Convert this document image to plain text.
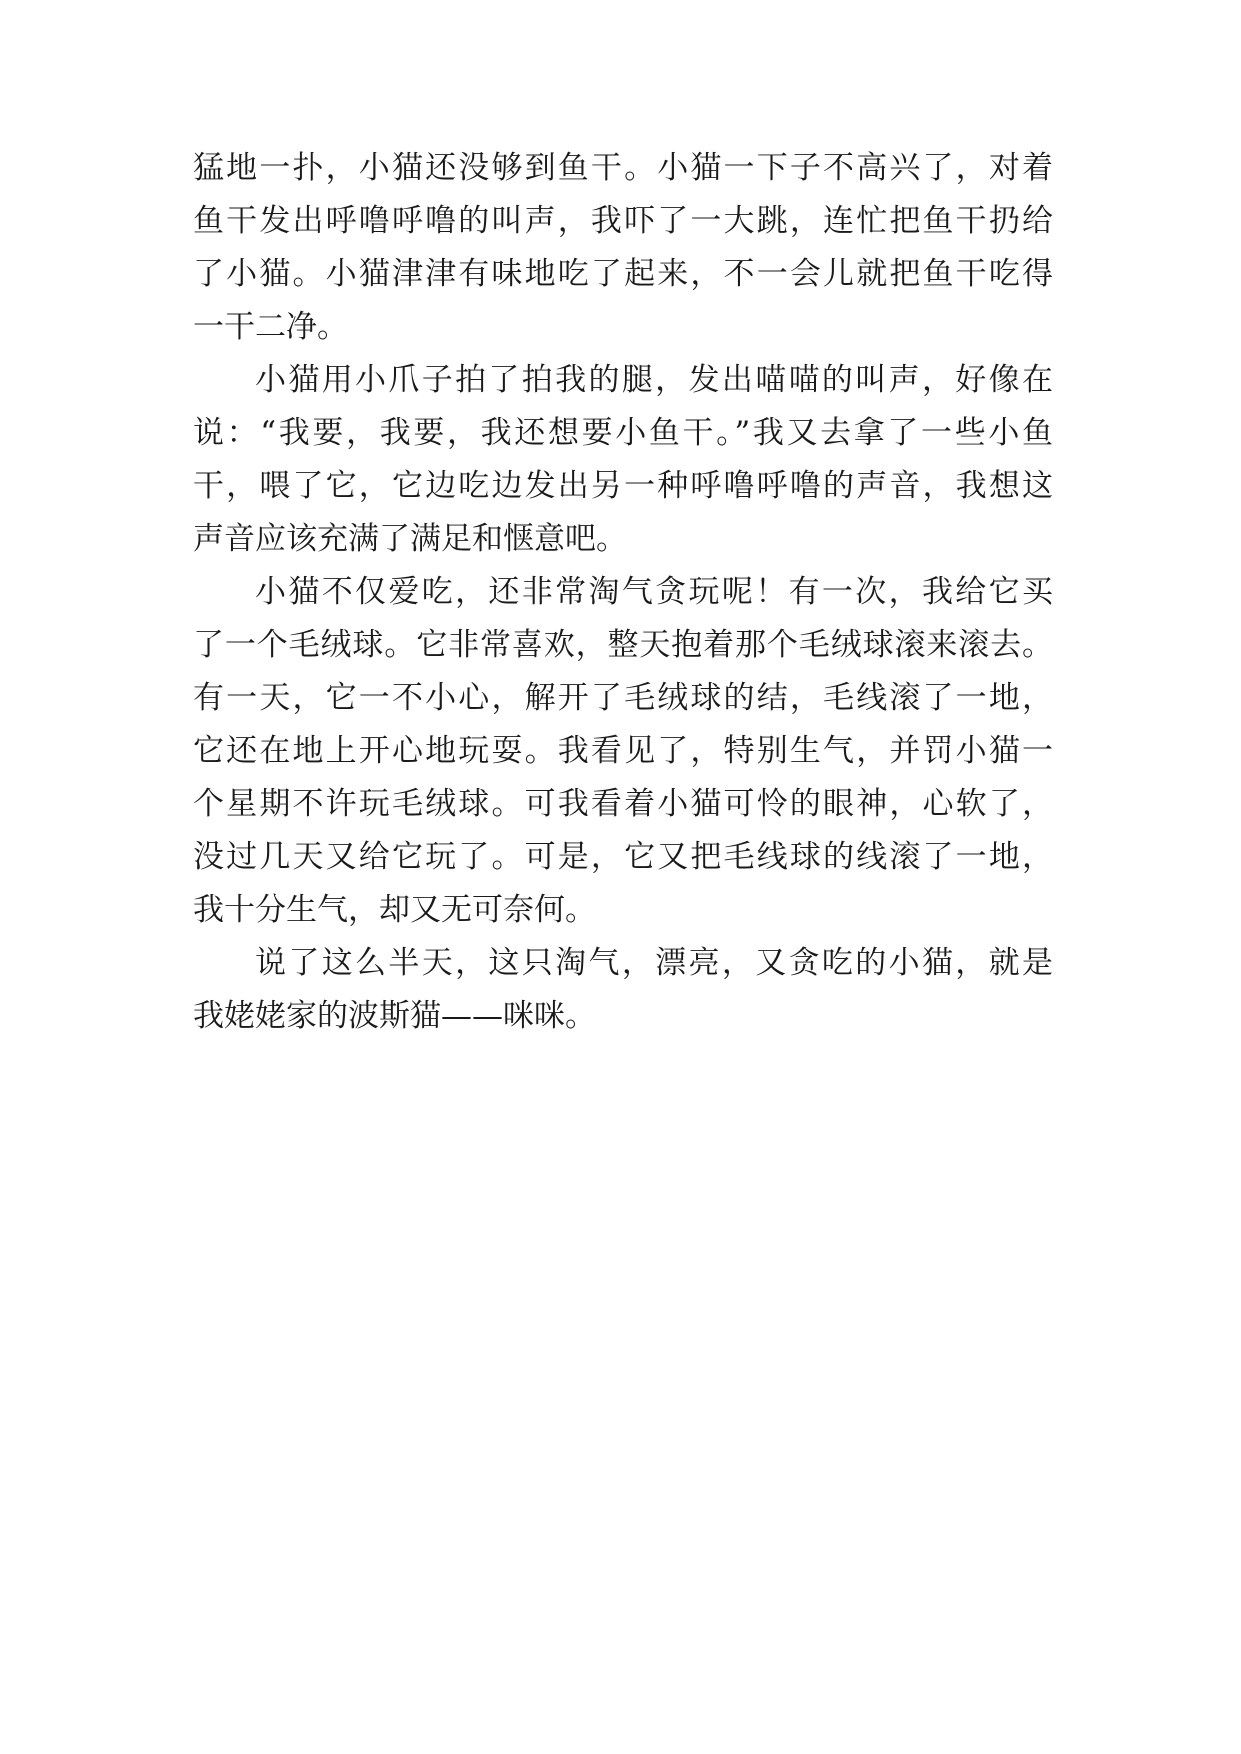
猛地一扑，小猫还没够到鱼干。小猫一下子不高兴了，对着

鱼干发出呼噜呼噜的叫声，我吓了一大跳，连忙把鱼干扔给

了小猫。小猫津津有味地吃了起来，不一会儿就把鱼干吃得

一干二净。

小猫用小爪子拍了拍我的腿，发出喵喵的叫声，好像在

说：“我要，我要，我还想要小鱼干。”我又去拿了一些小鱼

干，喂了它，它边吃边发出另一种呼噜呼噜的声音，我想这

声音应该充满了满足和惬意吧。

小猫不仅爱吃，还非常淘气贪玩呢！有一次，我给它买

了一个毛绒球。它非常喜欢，整天抱着那个毛绒球滚来滚去。

有一天，它一不小心，解开了毛绒球的结，毛线滚了一地，

它还在地上开心地玩耍。我看见了，特别生气，并罚小猫一

个星期不许玩毛绒球。可我看着小猫可怜的眼神，心软了，

没过几天又给它玩了。可是，它又把毛线球的线滚了一地，

我十分生气，却又无可奈何。

说了这么半天，这只淘气，漂亮，又贪吃的小猫，就是

我姥姥家的波斯猫——咪咪。
